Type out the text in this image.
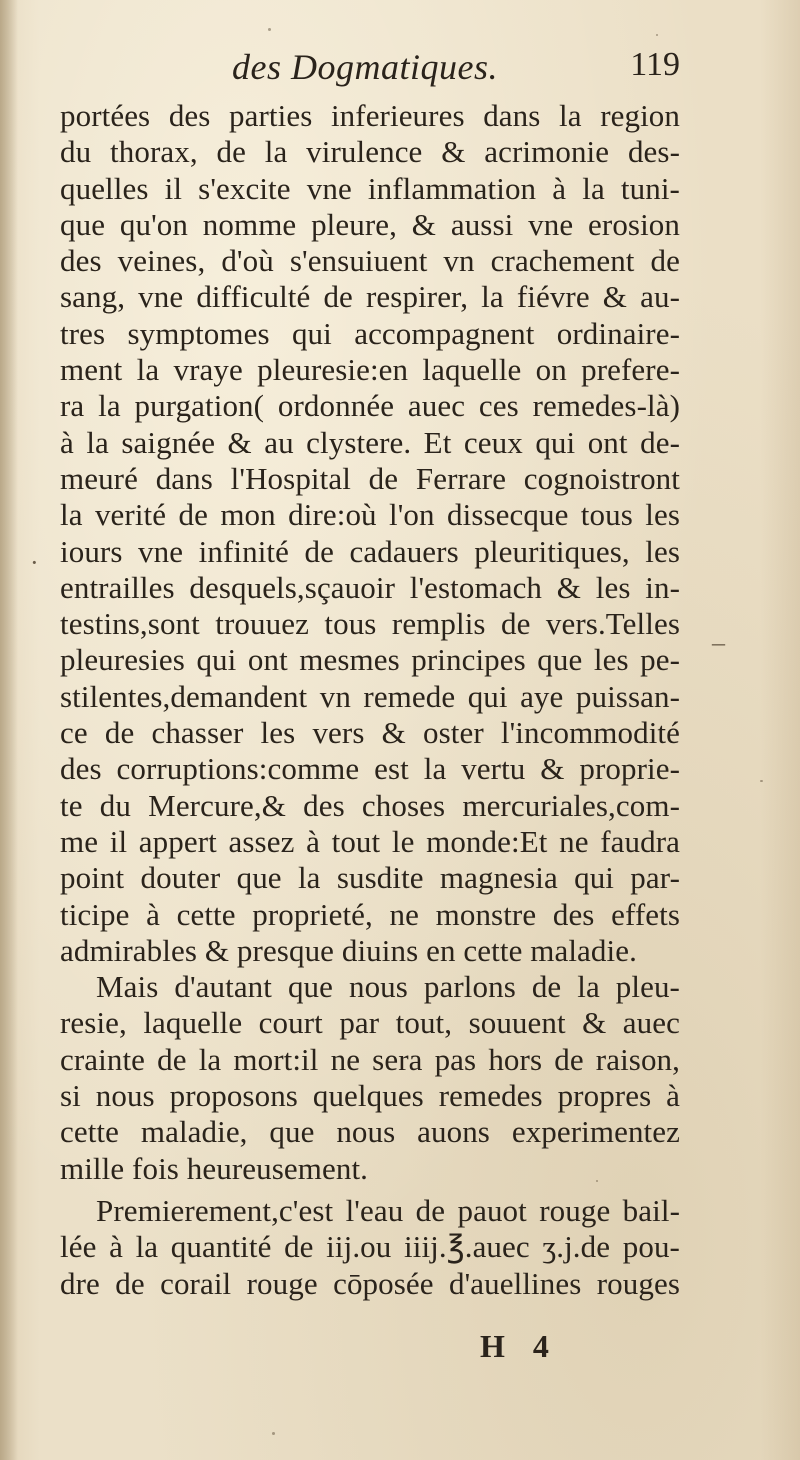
des Dogmatiques.	119
portées des parties inferieures dans la region
du thorax, de la virulence & acrimonie des-
quelles il s'excite vne inflammation à la tuni-
que qu'on nomme pleure, & aussi vne erosion
des veines, d'où s'ensuiuent vn crachement de
sang, vne difficulté de respirer, la fiévre & au-
tres symptomes qui accompagnent ordinaire-
ment la vraye pleuresie:en laquelle on prefere-
ra la purgation( ordonnée auec ces remedes-là)
à la saignée & au clystere. Et ceux qui ont de-
meuré dans l'Hospital de Ferrare cognoistront
la verité de mon dire:où l'on dissecque tous les
iours vne infinité de cadauers pleuritiques, les
entrailles desquels,sçauoir l'estomach & les in-
testins,sont trouuez tous remplis de vers.Telles
pleuresies qui ont mesmes principes que les pe-
stilentes,demandent vn remede qui aye puissan-
ce de chasser les vers & oster l'incommodité
des corruptions:comme est la vertu & proprie-
te du Mercure,& des choses mercuriales,com-
me il appert assez à tout le monde:Et ne faudra
point douter que la susdite magnesia qui par-
ticipe à cette proprieté, ne monstre des effets
admirables & presque diuins en cette maladie.
Mais d'autant que nous parlons de la pleu-
resie, laquelle court par tout, souuent & auec
crainte de la mort:il ne sera pas hors de raison,
si nous proposons quelques remedes propres à
cette maladie, que nous auons experimentez
mille fois heureusement.
Premierement,c'est l'eau de pauot rouge bail-
lée à la quantité de iij.ou iiij.℥.auec ʒ.j.de pou-
dre de corail rouge cōposée d'auellines rouges
H 4
·
–
